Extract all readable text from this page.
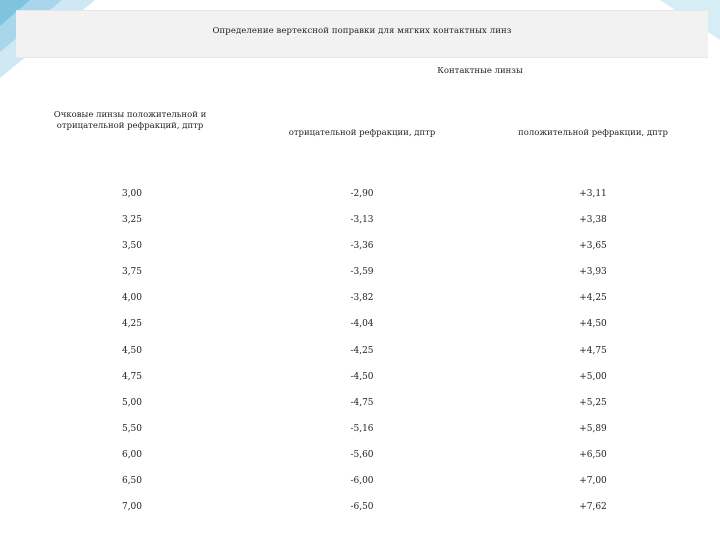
Определение вертексной поправки для мягких контактных линз
Контактные линзы
Очковые линзы положительной и отрицательной рефракций, дптр
отрицательной рефракции, дптр	положительной рефракции, дптр
3,00	-2,90	+3,11
3,25	-3,13	+3,38
3,50	-3,36	+3,65
3,75	-3,59	+3,93
4,00	-3,82	+4,25
4,25	-4,04	+4,50
4,50	-4,25	+4,75
4,75	-4,50	+5,00
5,00	-4,75	+5,25
5,50	-5,16	+5,89
6,00	-5,60	+6,50
6,50	-6,00	+7,00
7,00	-6,50	+7,62
